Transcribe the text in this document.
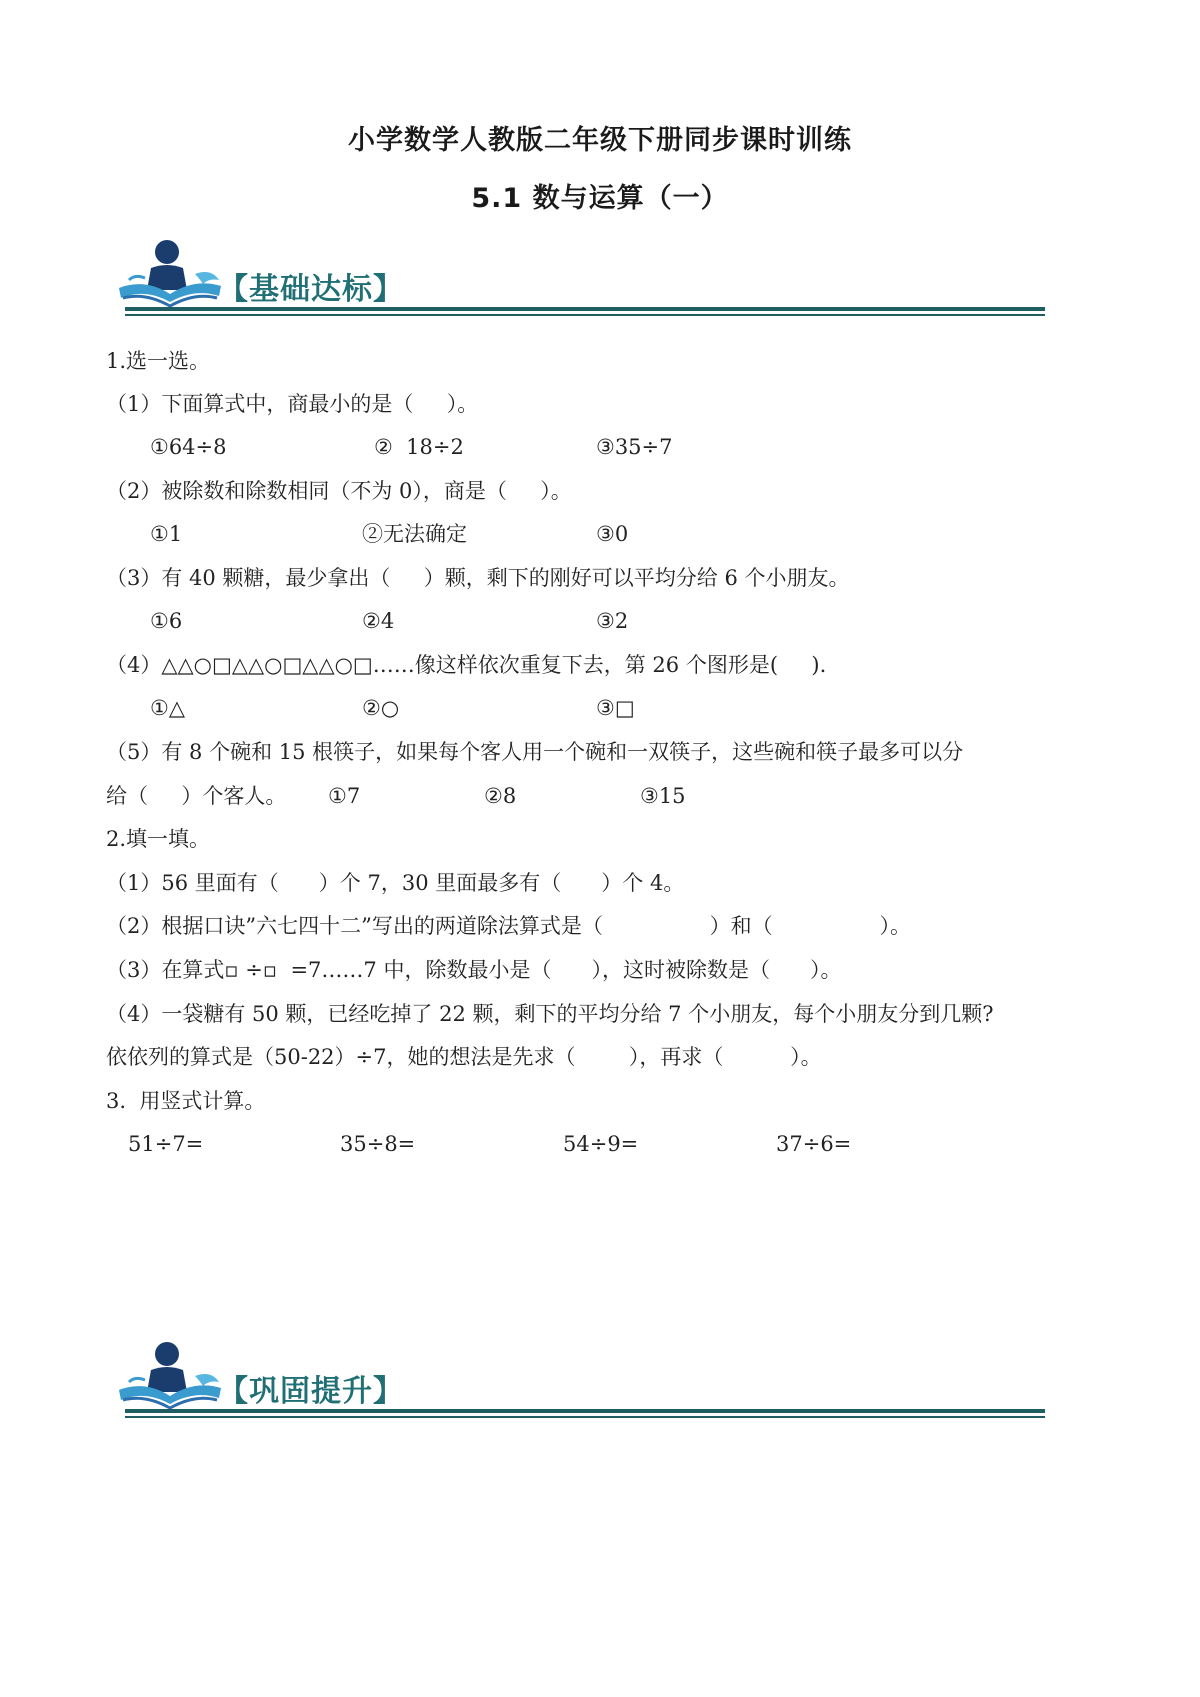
小学数学人教版二年级下册同步课时训练
5.1 数与运算（一）
【基础达标】
1.选一选。
（1）下面算式中，商最小的是（     ）。
①64÷8	②  18÷2	③35÷7
（2）被除数和除数相同（不为 0），商是（     ）。
①1	②无法确定	③0
（3）有 40 颗糖，最少拿出（     ）颗，剩下的刚好可以平均分给 6 个小朋友。
①6	②4	③2
（4）△△○□△△○□△△○□……像这样依次重复下去，第 26 个图形是(     ).
①△	②○	③□
（5）有 8 个碗和 15 根筷子，如果每个客人用一个碗和一双筷子，这些碗和筷子最多可以分
给（     ）个客人。 ①7	②8	③15
2.填一填。
（1）56 里面有（      ）个 7，30 里面最多有（      ）个 4。
（2）根据口诀”六七四十二”写出的两道除法算式是（                ）和（                ）。
（3）在算式▫ ÷▫  =7……7 中，除数最小是（      ），这时被除数是（      ）。
（4）一袋糖有 50 颗，已经吃掉了 22 颗，剩下的平均分给 7 个小朋友，每个小朋友分到几颗?
依依列的算式是（50-22）÷7，她的想法是先求（        ），再求（          ）。
3.  用竖式计算。
51÷7=	35÷8=	54÷9=	37÷6=
【巩固提升】
